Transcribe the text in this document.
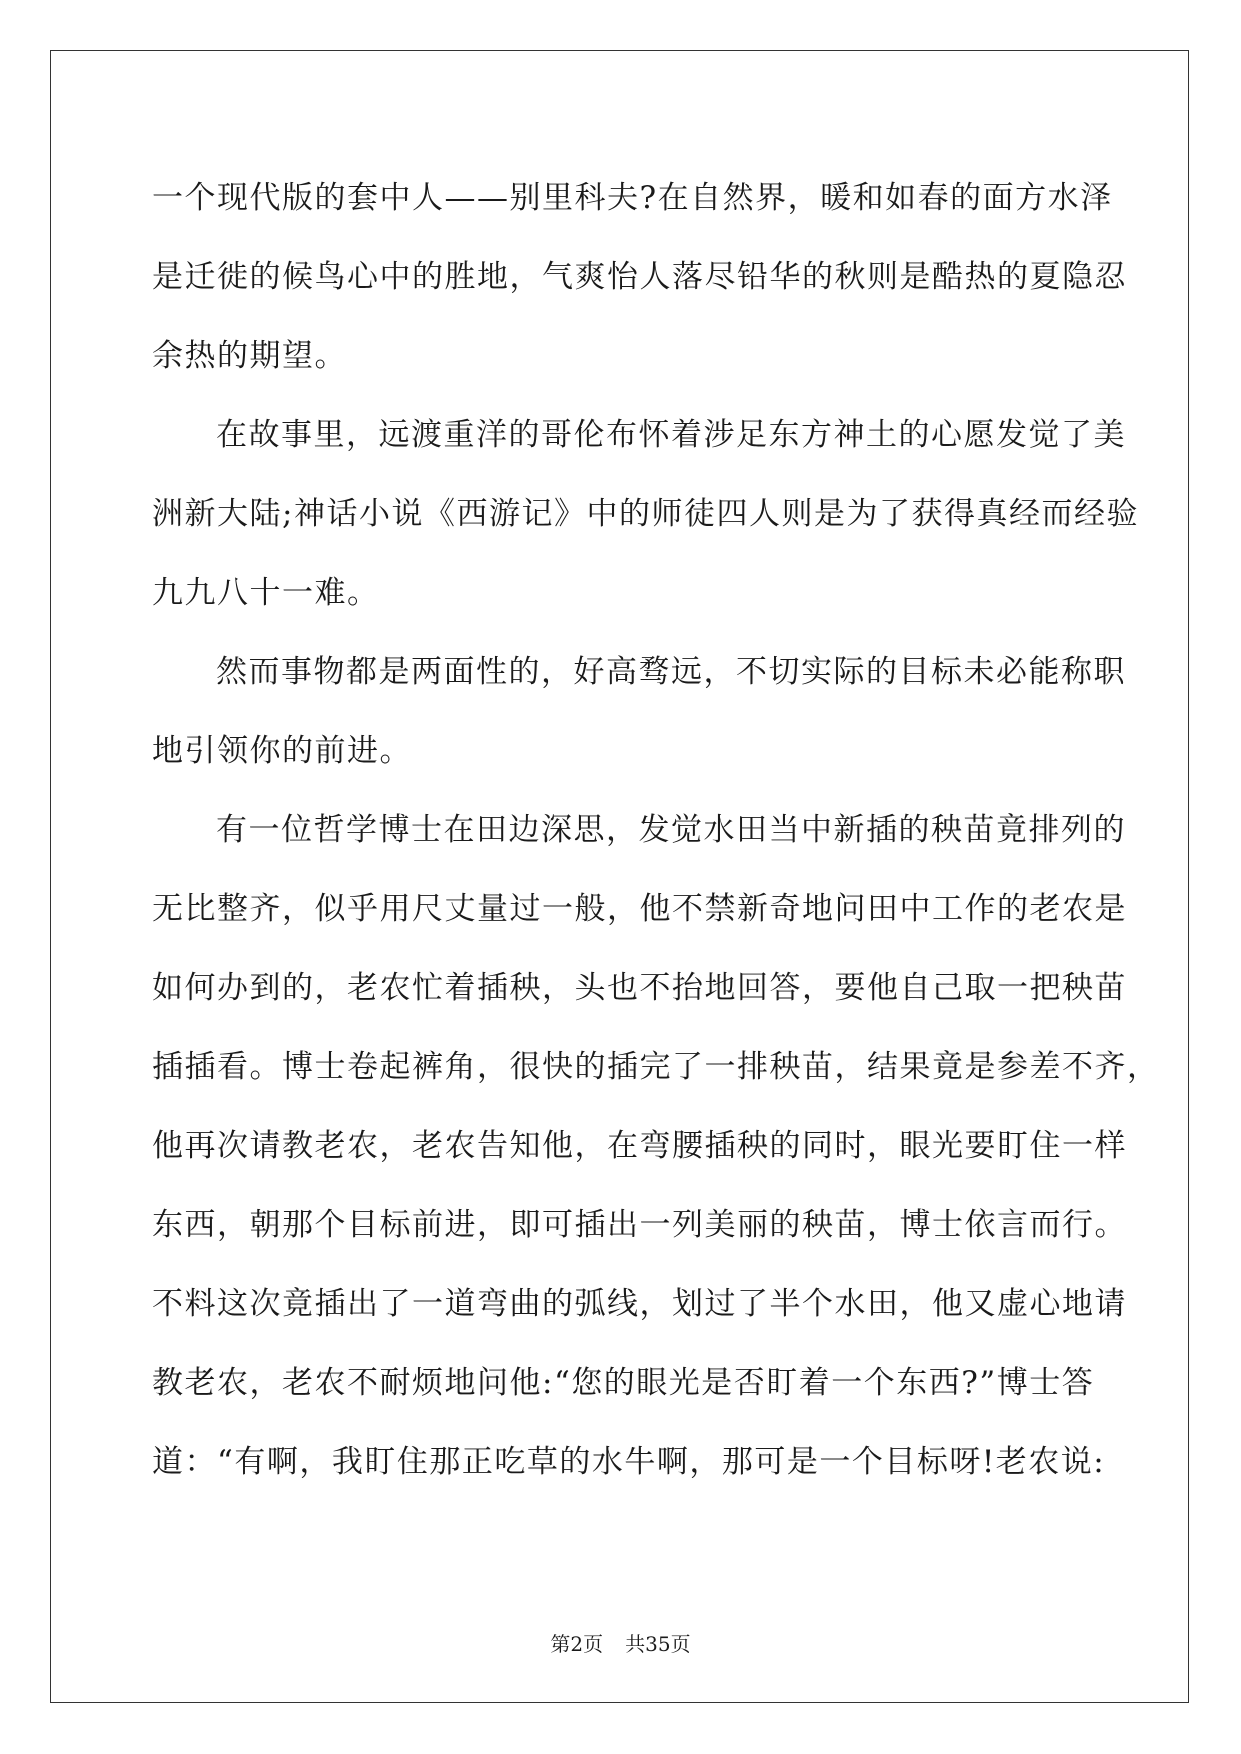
一个现代版的套中人——别里科夫?在自然界，暖和如春的面方水泽
是迁徙的候鸟心中的胜地，气爽怡人落尽铅华的秋则是酷热的夏隐忍
余热的期望。
在故事里，远渡重洋的哥伦布怀着涉足东方神土的心愿发觉了美
洲新大陆;神话小说《西游记》中的师徒四人则是为了获得真经而经验
九九八十一难。
然而事物都是两面性的，好高骛远，不切实际的目标未必能称职
地引领你的前进。
有一位哲学博士在田边深思，发觉水田当中新插的秧苗竟排列的
无比整齐，似乎用尺丈量过一般，他不禁新奇地问田中工作的老农是
如何办到的，老农忙着插秧，头也不抬地回答，要他自己取一把秧苗
插插看。博士卷起裤角，很快的插完了一排秧苗，结果竟是参差不齐，
他再次请教老农，老农告知他，在弯腰插秧的同时，眼光要盯住一样
东西，朝那个目标前进，即可插出一列美丽的秧苗，博士依言而行。
不料这次竟插出了一道弯曲的弧线，划过了半个水田，他又虚心地请
教老农，老农不耐烦地问他:“您的眼光是否盯着一个东西?”博士答
道：“有啊，我盯住那正吃草的水牛啊，那可是一个目标呀!老农说:
第2页 共35页
